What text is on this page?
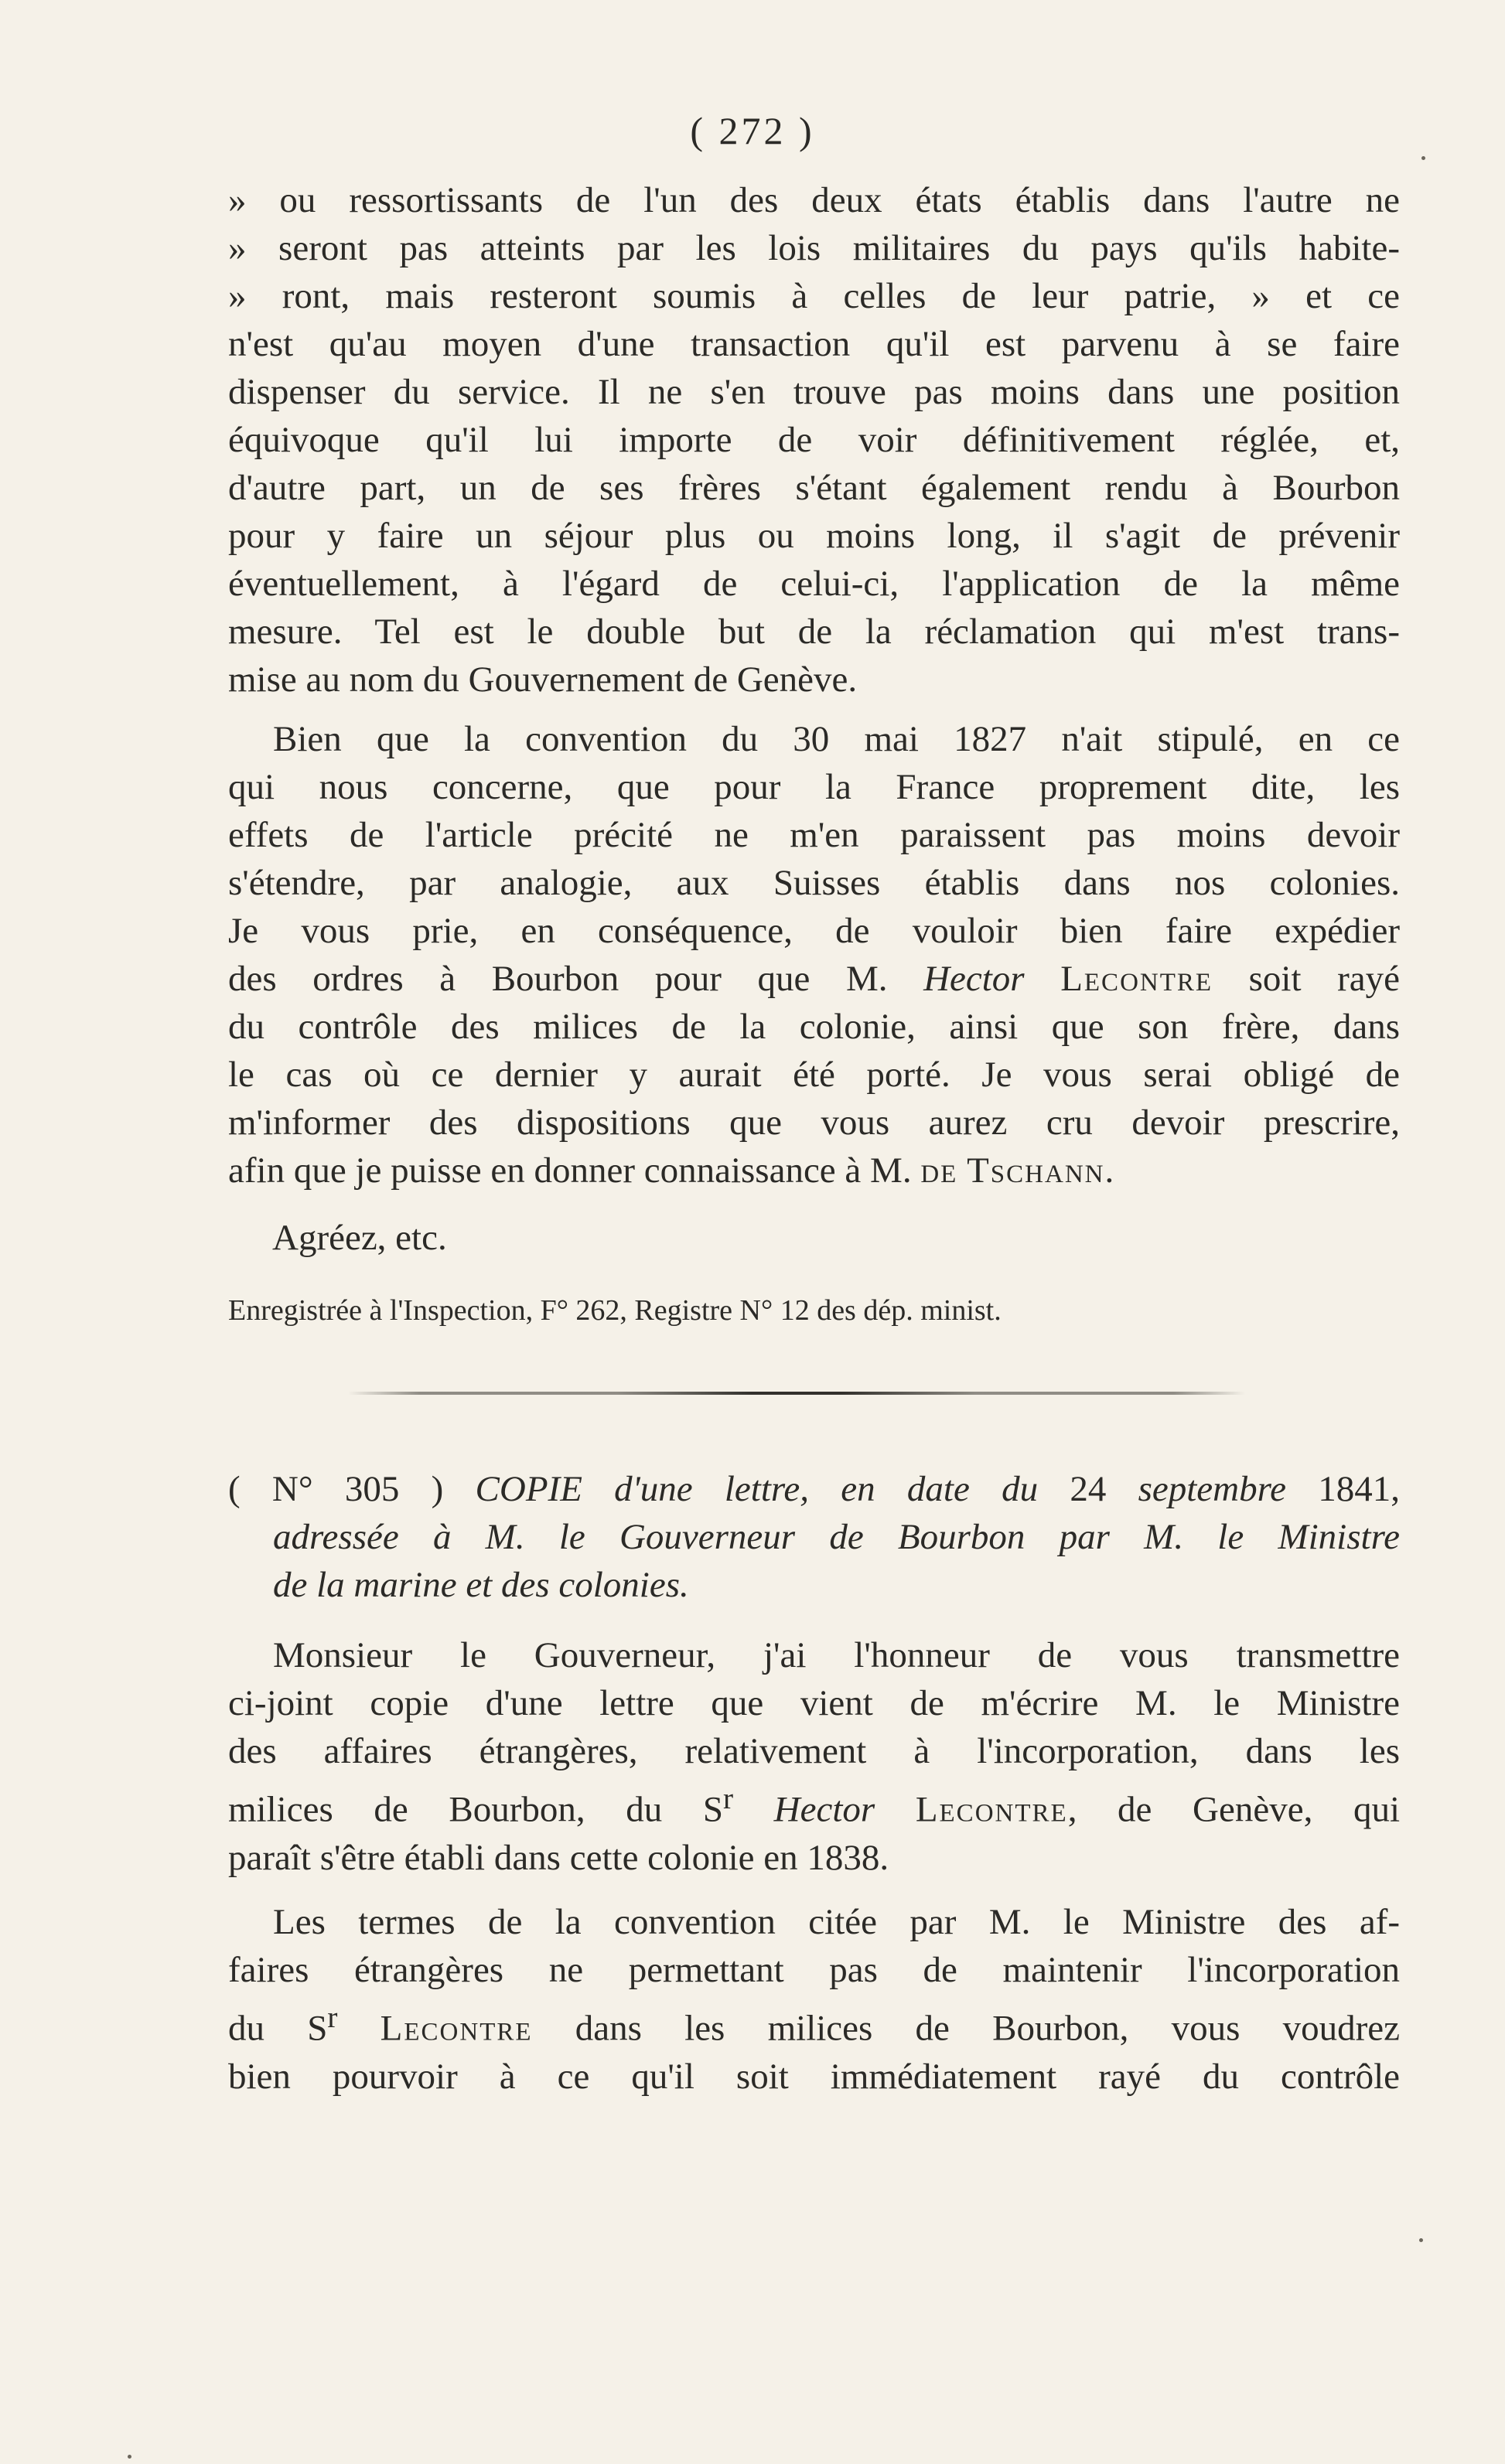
( 272 )
» ou ressortissants de l'un des deux états établis dans l'autre ne
» seront pas atteints par les lois militaires du pays qu'ils habite-
» ront, mais resteront soumis à celles de leur patrie, » et ce
n'est qu'au moyen d'une transaction qu'il est parvenu à se faire
dispenser du service. Il ne s'en trouve pas moins dans une position
équivoque qu'il lui importe de voir définitivement réglée, et,
d'autre part, un de ses frères s'étant également rendu à Bourbon
pour y faire un séjour plus ou moins long, il s'agit de prévenir
éventuellement, à l'égard de celui-ci, l'application de la même
mesure. Tel est le double but de la réclamation qui m'est trans-
mise au nom du Gouvernement de Genève.
Bien que la convention du 30 mai 1827 n'ait stipulé, en ce
qui nous concerne, que pour la France proprement dite, les
effets de l'article précité ne m'en paraissent pas moins devoir
s'étendre, par analogie, aux Suisses établis dans nos colonies.
Je vous prie, en conséquence, de vouloir bien faire expédier
des ordres à Bourbon pour que M. Hector Lecontre soit rayé
du contrôle des milices de la colonie, ainsi que son frère, dans
le cas où ce dernier y aurait été porté. Je vous serai obligé de
m'informer des dispositions que vous aurez cru devoir prescrire,
afin que je puisse en donner connaissance à M. de Tschann.
Agréez, etc.
Enregistrée à l'Inspection, F° 262, Registre N° 12 des dép. minist.
( N° 305 ) COPIE d'une lettre, en date du 24 septembre 1841,
adressée à M. le Gouverneur de Bourbon par M. le Ministre
de la marine et des colonies.
Monsieur le Gouverneur, j'ai l'honneur de vous transmettre
ci-joint copie d'une lettre que vient de m'écrire M. le Ministre
des affaires étrangères, relativement à l'incorporation, dans les
milices de Bourbon, du $S^r$ Hector Lecontre, de Genève, qui
paraît s'être établi dans cette colonie en 1838.
Les termes de la convention citée par M. le Ministre des af-
faires étrangères ne permettant pas de maintenir l'incorporation
du $S^r$ Lecontre dans les milices de Bourbon, vous voudrez
bien pourvoir à ce qu'il soit immédiatement rayé du contrôle
